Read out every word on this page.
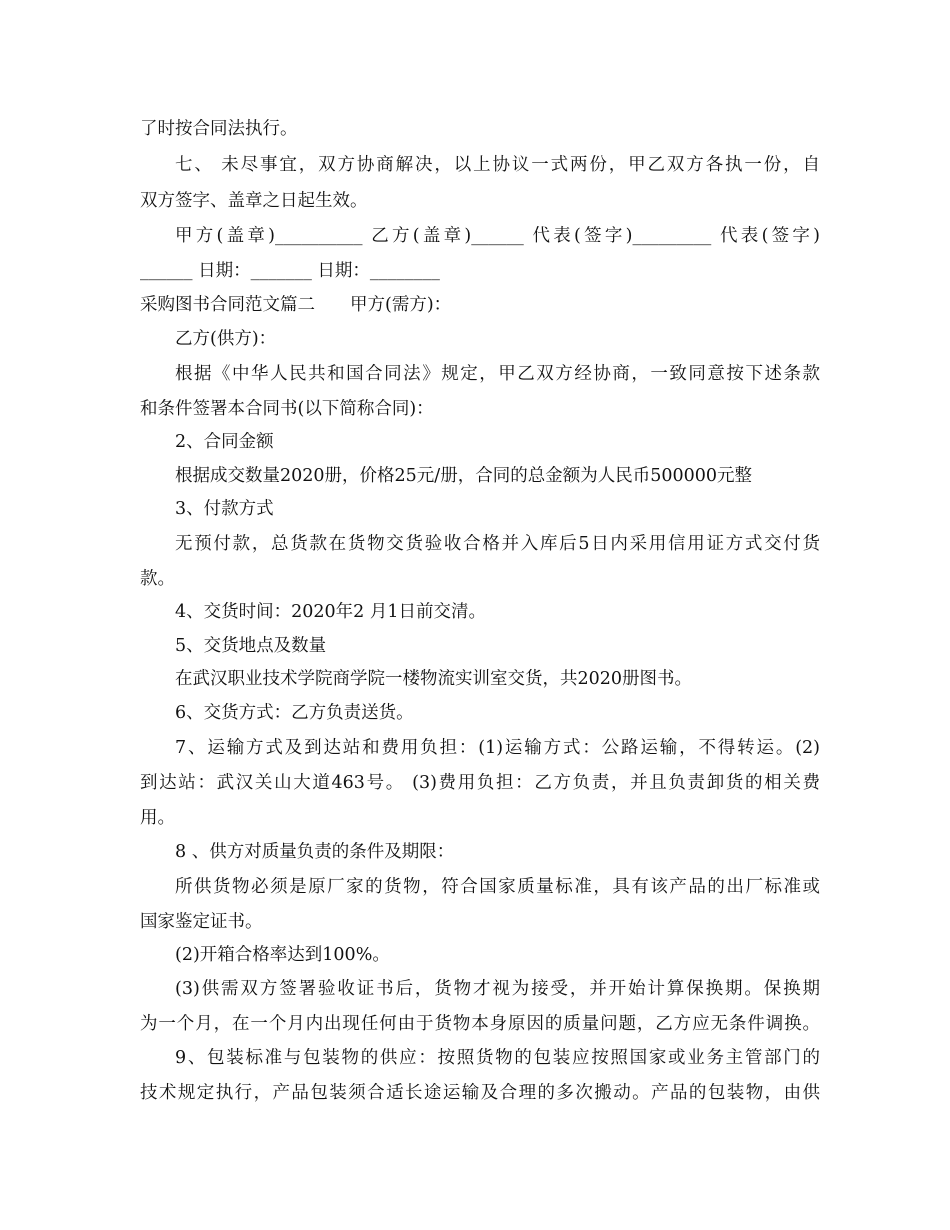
了时按合同法执行。
七、 未尽事宜，双方协商解决，以上协议一式两份，甲乙双方各执一份，自
双方签字、盖章之日起生效。
甲方(盖章)__________ 乙方(盖章)______ 代表(签字)_________ 代表(签字)
______ 日期：_______ 日期：________
采购图书合同范文篇二　　甲方(需方)：
乙方(供方)：
根据《中华人民共和国合同法》规定，甲乙双方经协商，一致同意按下述条款
和条件签署本合同书(以下简称合同)：
2、合同金额
根据成交数量2020册，价格25元/册，合同的总金额为人民币500000元整
3、付款方式
无预付款，总货款在货物交货验收合格并入库后5日内采用信用证方式交付货
款。
4、交货时间：2020年2 月1日前交清。
5、交货地点及数量
在武汉职业技术学院商学院一楼物流实训室交货，共2020册图书。
6、交货方式：乙方负责送货。
7、运输方式及到达站和费用负担：(1)运输方式：公路运输，不得转运。(2)
到达站：武汉关山大道463号。 (3)费用负担：乙方负责，并且负责卸货的相关费
用。
8 、供方对质量负责的条件及期限：
所供货物必须是原厂家的货物，符合国家质量标准，具有该产品的出厂标准或
国家鉴定证书。
(2)开箱合格率达到100%。
(3)供需双方签署验收证书后，货物才视为接受，并开始计算保换期。保换期
为一个月，在一个月内出现任何由于货物本身原因的质量问题，乙方应无条件调换。
9、包装标准与包装物的供应：按照货物的包装应按照国家或业务主管部门的
技术规定执行，产品包装须合适长途运输及合理的多次搬动。产品的包装物，由供
